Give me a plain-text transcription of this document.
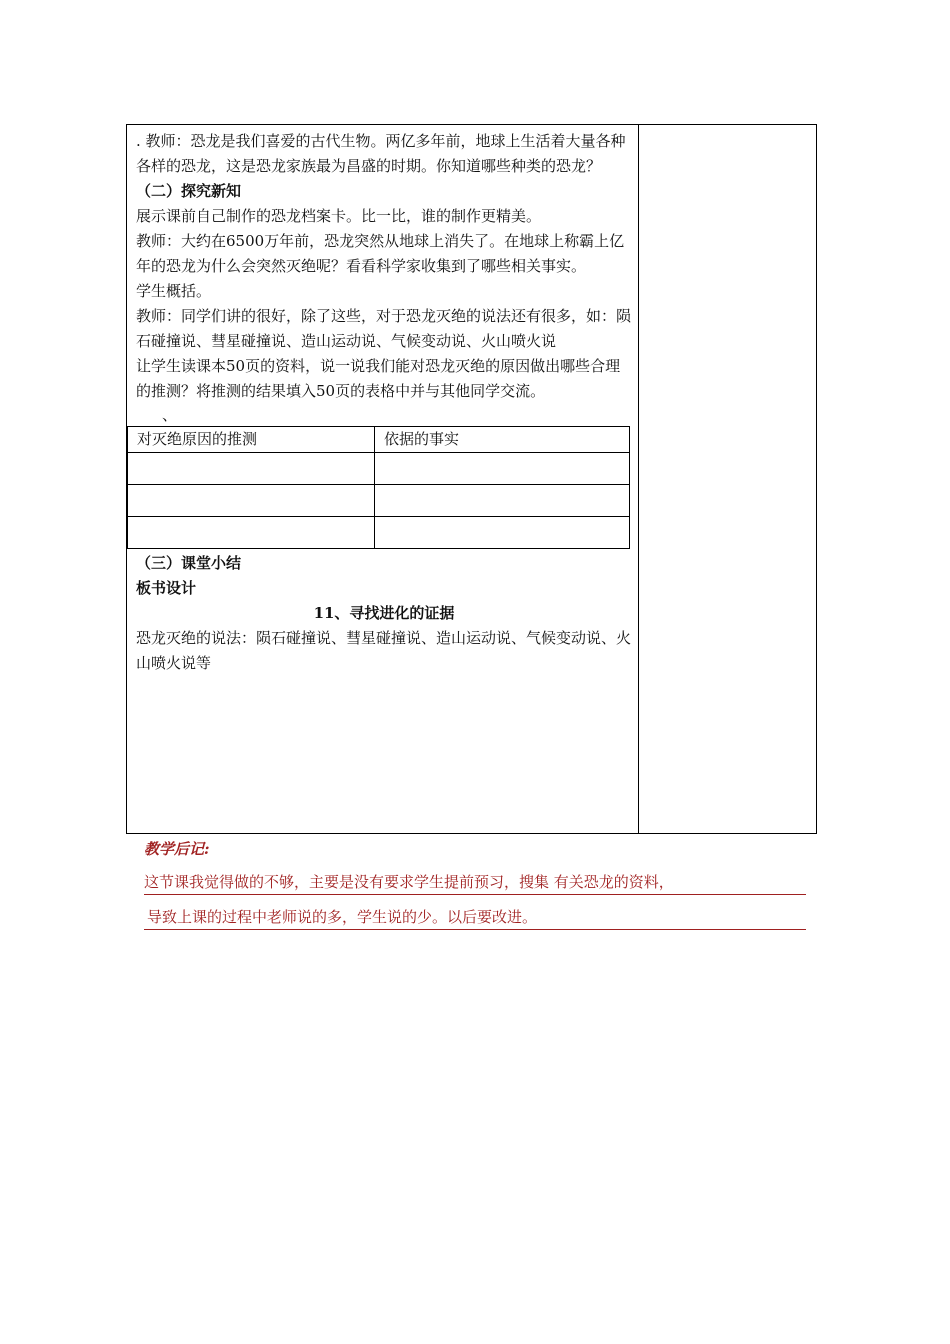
. 教师：恐龙是我们喜爱的古代生物。两亿多年前，地球上生活着大量各种各样的恐龙，这是恐龙家族最为昌盛的时期。你知道哪些种类的恐龙？

（二）探究新知

展示课前自己制作的恐龙档案卡。比一比，谁的制作更精美。

教师：大约在6500万年前，恐龙突然从地球上消失了。在地球上称霸上亿年的恐龙为什么会突然灭绝呢？看看科学家收集到了哪些相关事实。

学生概括。

教师：同学们讲的很好，除了这些，对于恐龙灭绝的说法还有很多，如：陨石碰撞说、彗星碰撞说、造山运动说、气候变动说、火山喷火说

让学生读课本50页的资料，说一说我们能对恐龙灭绝的原因做出哪些合理的推测？将推测的结果填入50页的表格中并与其他同学交流。

、

对灭绝原因的推测	依据的事实

（三）课堂小结

板书设计

11、寻找进化的证据

恐龙灭绝的说法：陨石碰撞说、彗星碰撞说、造山运动说、气候变动说、火山喷火说等

教学后记:

这节课我觉得做的不够，主要是没有要求学生提前预习，搜集 有关恐龙的资料，

导致上课的过程中老师说的多，学生说的少。以后要改进。
